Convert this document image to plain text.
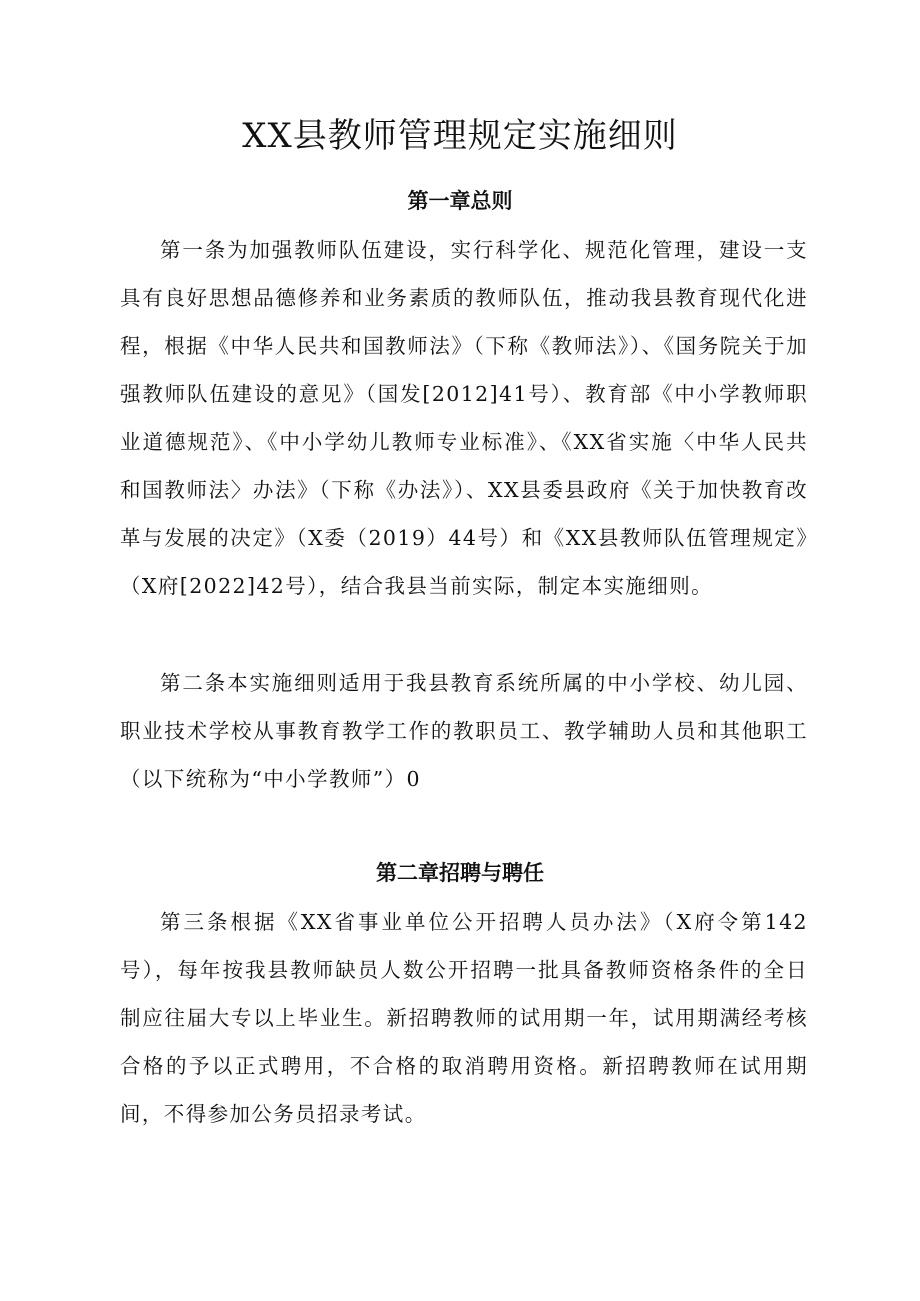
XX县教师管理规定实施细则
第一章总则

第一条为加强教师队伍建设，实行科学化、规范化管理，建设一支具有良好思想品德修养和业务素质的教师队伍，推动我县教育现代化进程，根据《中华人民共和国教师法》（下称《教师法》）、《国务院关于加强教师队伍建设的意见》（国发[2012]41号）、教育部《中小学教师职业道德规范》、《中小学幼儿教师专业标准》、《XX省实施〈中华人民共和国教师法〉办法》（下称《办法》）、XX县委县政府《关于加快教育改革与发展的决定》（X委（2019）44号）和《XX县教师队伍管理规定》（X府[2022]42号），结合我县当前实际，制定本实施细则。

第二条本实施细则适用于我县教育系统所属的中小学校、幼儿园、职业技术学校从事教育教学工作的教职员工、教学辅助人员和其他职工（以下统称为“中小学教师”）0

第二章招聘与聘任

第三条根据《XX省事业单位公开招聘人员办法》（X府令第142号），每年按我县教师缺员人数公开招聘一批具备教师资格条件的全日制应往届大专以上毕业生。新招聘教师的试用期一年，试用期满经考核合格的予以正式聘用，不合格的取消聘用资格。新招聘教师在试用期间，不得参加公务员招录考试。
